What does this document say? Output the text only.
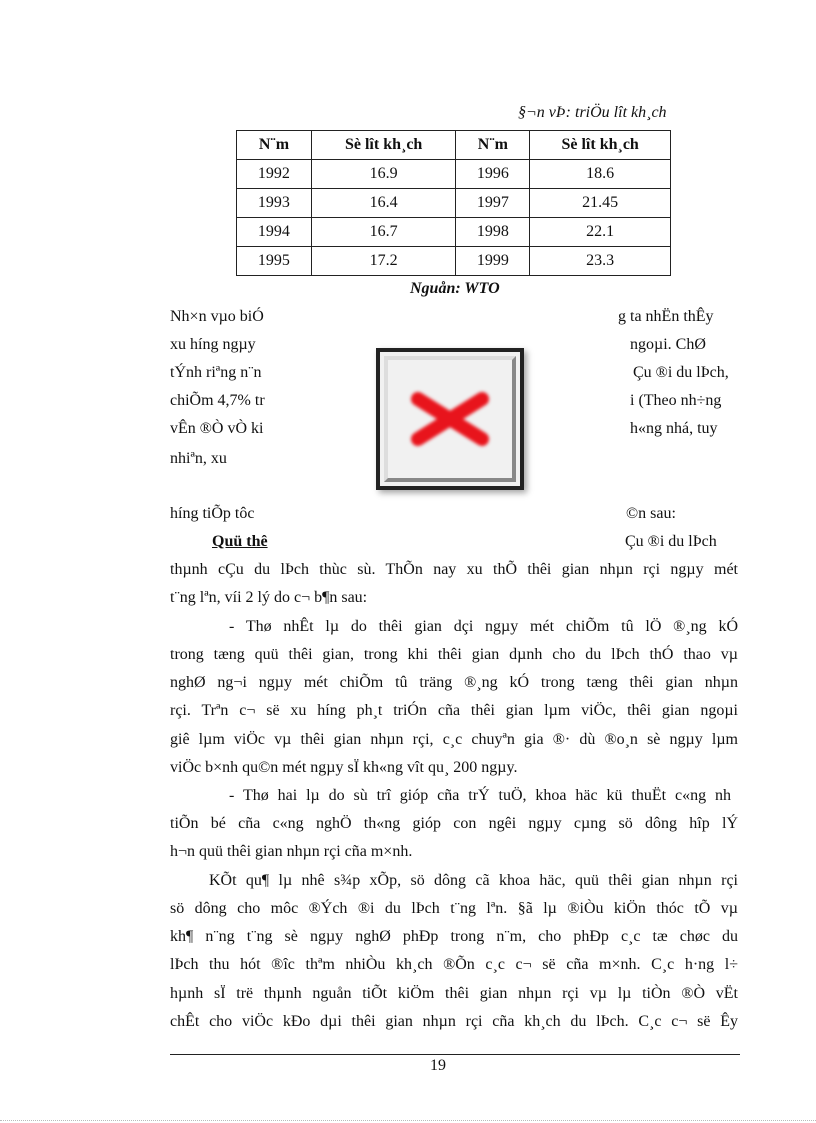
§¬n vÞ: triÖu lît kh¸ch
N¨m	Sè lît kh¸ch	N¨m	Sè lît kh¸ch
1992	16.9	1996	18.6
1993	16.4	1997	21.45
1994	16.7	1998	22.1
1995	17.2	1999	23.3
Nguån: WTO
Nh×n vµo biÓ	g ta nhËn thÊy
xu híng ngµy	ngoµi. ChØ
tÝnh riªng n¨n	Çu ®i du lÞch,
chiÕm 4,7% tr	i (Theo nh÷ng
vÊn ®Ò vÒ ki	h«ng nhá, tuy
nhiªn, xu
híng tiÕp tôc	©n sau:
Quü thê	Çu ®i du lÞch
thµnh cÇu du lÞch thùc sù. ThÕn nay xu thÕ thêi gian nhµn rçi ngµy mét
t¨ng lªn, víi 2 lý do c¬ b¶n sau:
- Thø nhÊt lµ do thêi gian dçi ngµy mét chiÕm tû lÖ ®¸ng kÓ
trong tæng quü thêi gian, trong khi thêi gian dµnh cho du lÞch thÓ thao vµ
nghØ ng¬i ngµy mét chiÕm tû träng ®¸ng kÓ trong tæng thêi gian nhµn
rçi. Trªn c¬ së xu híng ph¸t triÓn cña thêi gian lµm viÖc, thêi gian ngoµi
giê lµm viÖc vµ thêi gian nhµn rçi, c¸c chuyªn gia ®· dù ®o¸n sè ngµy lµm
viÖc b×nh qu©n mét ngµy sÏ kh«ng vît qu¸ 200 ngµy.
- Thø hai lµ do sù trî gióp cña trÝ tuÖ, khoa häc kü thuËt c«ng nh
tiÕn bé cña c«ng nghÖ th«ng gióp con ngêi ngµy cµng sö dông hîp lÝ
h¬n quü thêi gian nhµn rçi cña m×nh.
KÕt qu¶ lµ nhê s¾p xÕp, sö dông cã khoa häc, quü thêi gian nhµn rçi
sö dông cho môc ®Ých ®i du lÞch t¨ng lªn. §ã lµ ®iÒu kiÖn thóc tÕ vµ
kh¶ n¨ng t¨ng sè ngµy nghØ phÐp trong n¨m, cho phÐp c¸c tæ chøc du
lÞch thu hót ®îc thªm nhiÒu kh¸ch ®Õn c¸c c¬ së cña m×nh. C¸c h·ng l÷
hµnh sÏ trë thµnh nguån tiÕt kiÖm thêi gian nhµn rçi vµ lµ tiÒn ®Ò vËt
chÊt cho viÖc kÐo dµi thêi gian nhµn rçi cña kh¸ch du lÞch. C¸c c¬ së Êy
19
